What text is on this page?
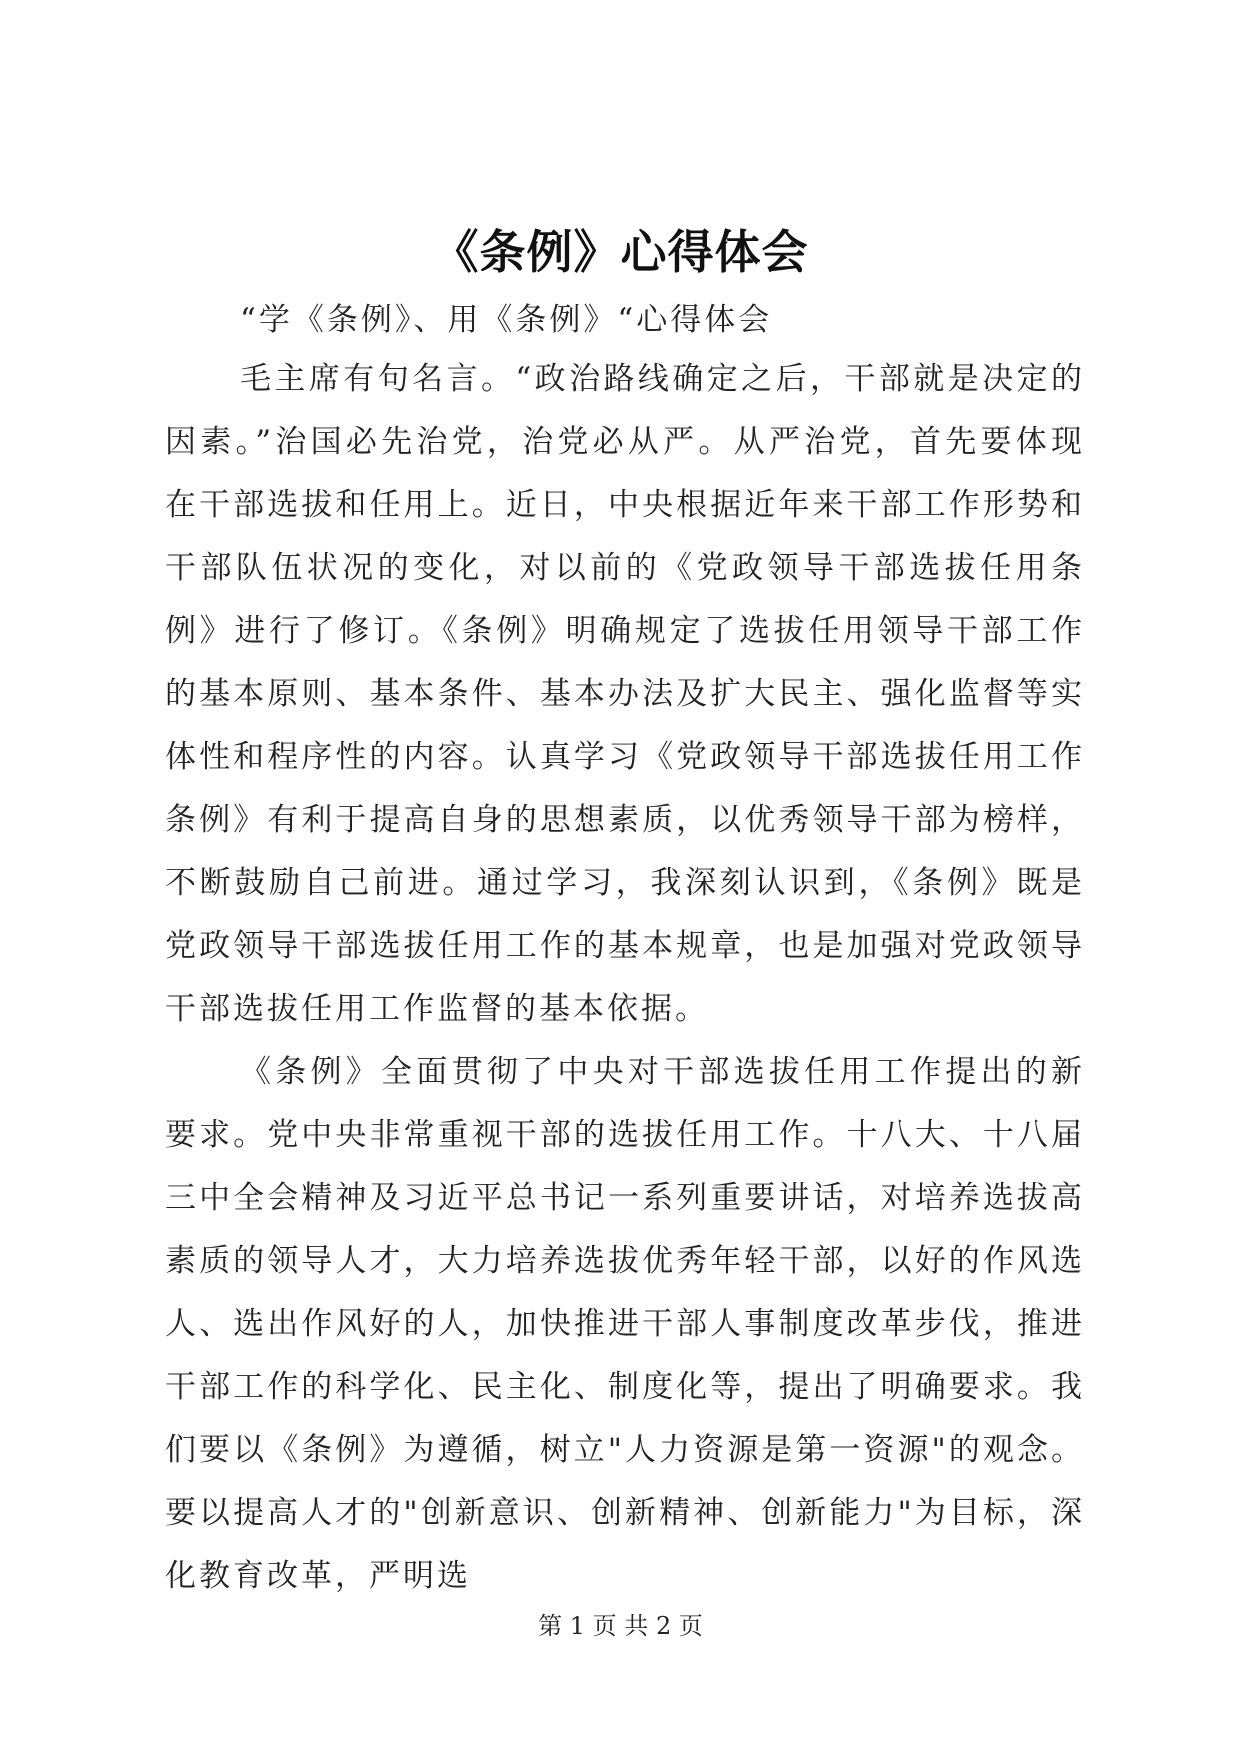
《条例》心得体会
“学《条例》、用《条例》“心得体会

毛主席有句名言。“政治路线确定之后，干部就是决定的因素。”治国必先治党，治党必从严。从严治党，首先要体现在干部选拔和任用上。近日，中央根据近年来干部工作形势和干部队伍状况的变化，对以前的《党政领导干部选拔任用条例》进行了修订。《条例》明确规定了选拔任用领导干部工作的基本原则、基本条件、基本办法及扩大民主、强化监督等实体性和程序性的内容。认真学习《党政领导干部选拔任用工作条例》有利于提高自身的思想素质，以优秀领导干部为榜样，不断鼓励自己前进。通过学习，我深刻认识到，《条例》既是党政领导干部选拔任用工作的基本规章，也是加强对党政领导干部选拔任用工作监督的基本依据。

《条例》全面贯彻了中央对干部选拔任用工作提出的新要求。党中央非常重视干部的选拔任用工作。十八大、十八届三中全会精神及习近平总书记一系列重要讲话，对培养选拔高素质的领导人才，大力培养选拔优秀年轻干部，以好的作风选人、选出作风好的人，加快推进干部人事制度改革步伐，推进干部工作的科学化、民主化、制度化等，提出了明确要求。我们要以《条例》为遵循，树立"人力资源是第一资源"的观念。要以提高人才的"创新意识、创新精神、创新能力"为目标，深化教育改革，严明选

第 1 页 共 2 页
